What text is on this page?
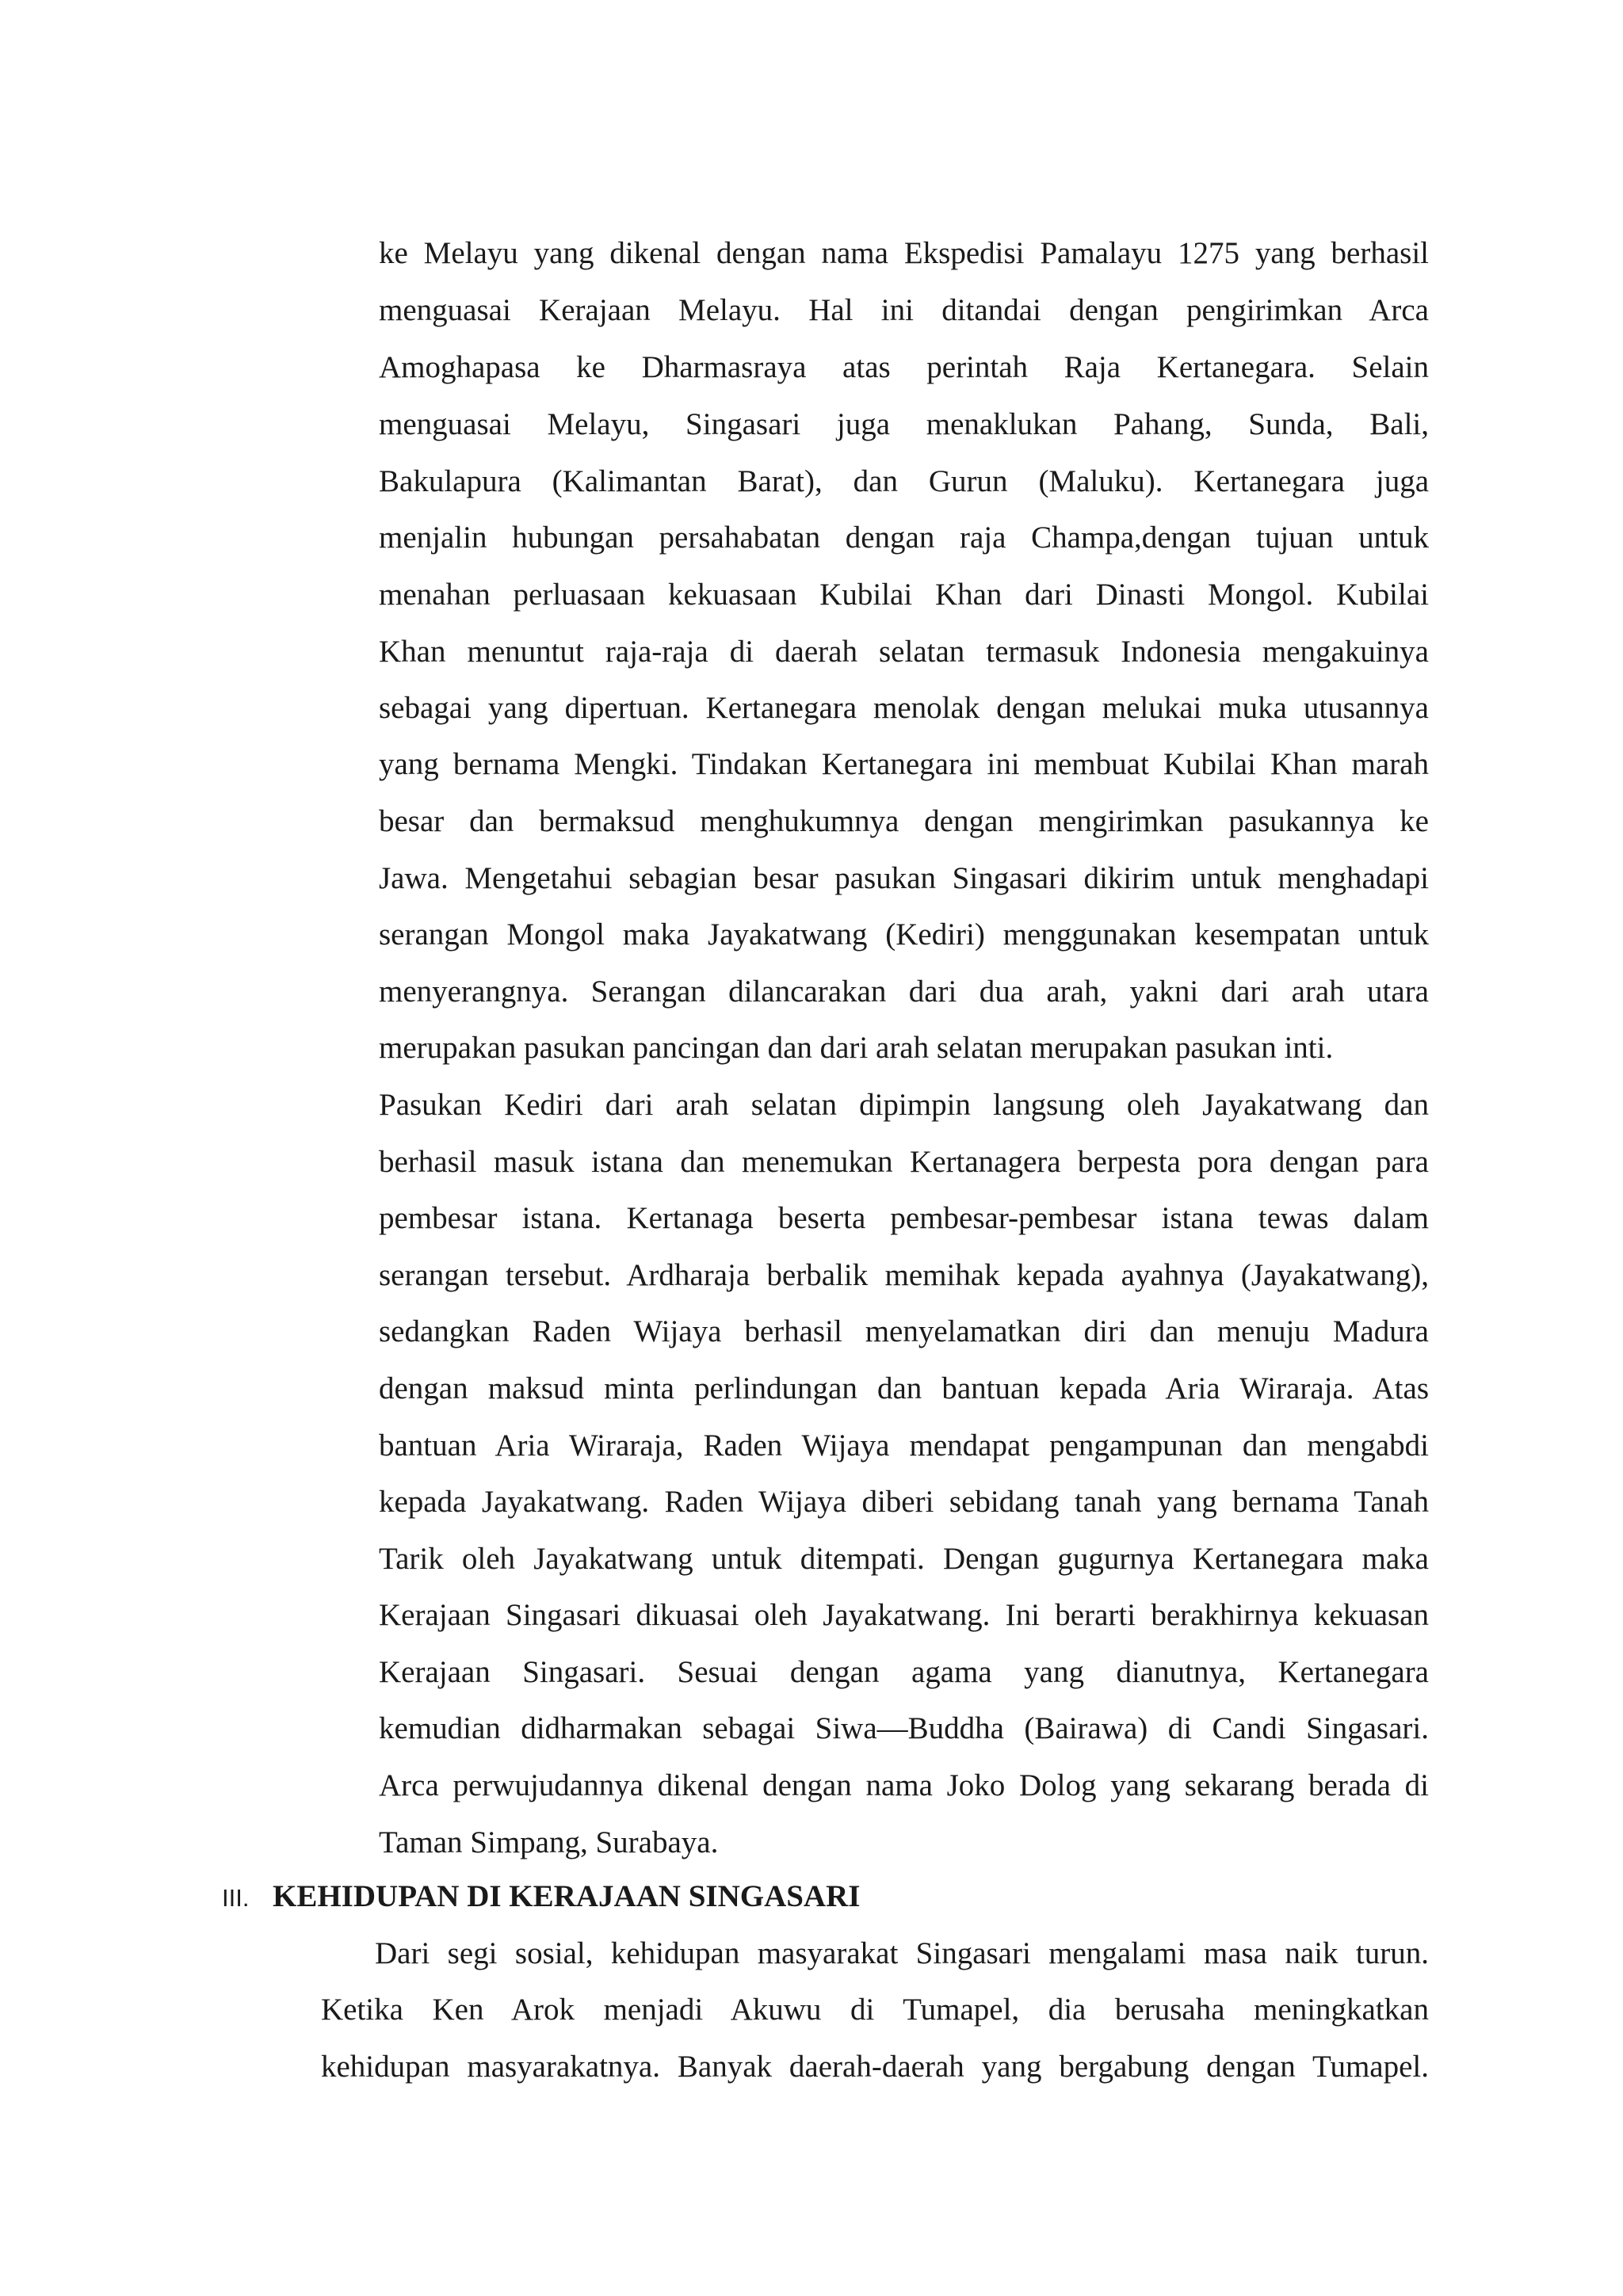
ke Melayu yang dikenal dengan nama Ekspedisi Pamalayu 1275 yang berhasil
menguasai Kerajaan Melayu. Hal ini ditandai dengan pengirimkan Arca
Amoghapasa ke Dharmasraya atas perintah Raja Kertanegara. Selain
menguasai Melayu, Singasari juga menaklukan Pahang, Sunda, Bali,
Bakulapura (Kalimantan Barat), dan Gurun (Maluku). Kertanegara juga
menjalin hubungan persahabatan dengan raja Champa,dengan tujuan untuk
menahan perluasaan kekuasaan Kubilai Khan dari Dinasti Mongol. Kubilai
Khan menuntut raja-raja di daerah selatan termasuk Indonesia mengakuinya
sebagai yang dipertuan. Kertanegara menolak dengan melukai muka utusannya
yang bernama Mengki. Tindakan Kertanegara ini membuat Kubilai Khan marah
besar dan bermaksud menghukumnya dengan mengirimkan pasukannya ke
Jawa. Mengetahui sebagian besar pasukan Singasari dikirim untuk menghadapi
serangan Mongol maka Jayakatwang (Kediri) menggunakan kesempatan untuk
menyerangnya. Serangan dilancarakan dari dua arah, yakni dari arah utara
merupakan pasukan pancingan dan dari arah selatan merupakan pasukan inti.
Pasukan Kediri dari arah selatan dipimpin langsung oleh Jayakatwang dan
berhasil masuk istana dan menemukan Kertanagera berpesta pora dengan para
pembesar istana. Kertanaga beserta pembesar-pembesar istana tewas dalam
serangan tersebut. Ardharaja berbalik memihak kepada ayahnya (Jayakatwang),
sedangkan Raden Wijaya berhasil menyelamatkan diri dan menuju Madura
dengan maksud minta perlindungan dan bantuan kepada Aria Wiraraja. Atas
bantuan Aria Wiraraja, Raden Wijaya mendapat pengampunan dan mengabdi
kepada Jayakatwang. Raden Wijaya diberi sebidang tanah yang bernama Tanah
Tarik oleh Jayakatwang untuk ditempati. Dengan gugurnya Kertanegara maka
Kerajaan Singasari dikuasai oleh Jayakatwang. Ini berarti berakhirnya kekuasan
Kerajaan Singasari. Sesuai dengan agama yang dianutnya, Kertanegara
kemudian didharmakan sebagai Siwa—Buddha (Bairawa) di Candi Singasari.
Arca perwujudannya dikenal dengan nama Joko Dolog yang sekarang berada di
Taman Simpang, Surabaya.
III. KEHIDUPAN DI KERAJAAN SINGASARI
Dari segi sosial, kehidupan masyarakat Singasari mengalami masa naik turun.
Ketika Ken Arok menjadi Akuwu di Tumapel, dia berusaha meningkatkan
kehidupan masyarakatnya. Banyak daerah-daerah yang bergabung dengan Tumapel.
